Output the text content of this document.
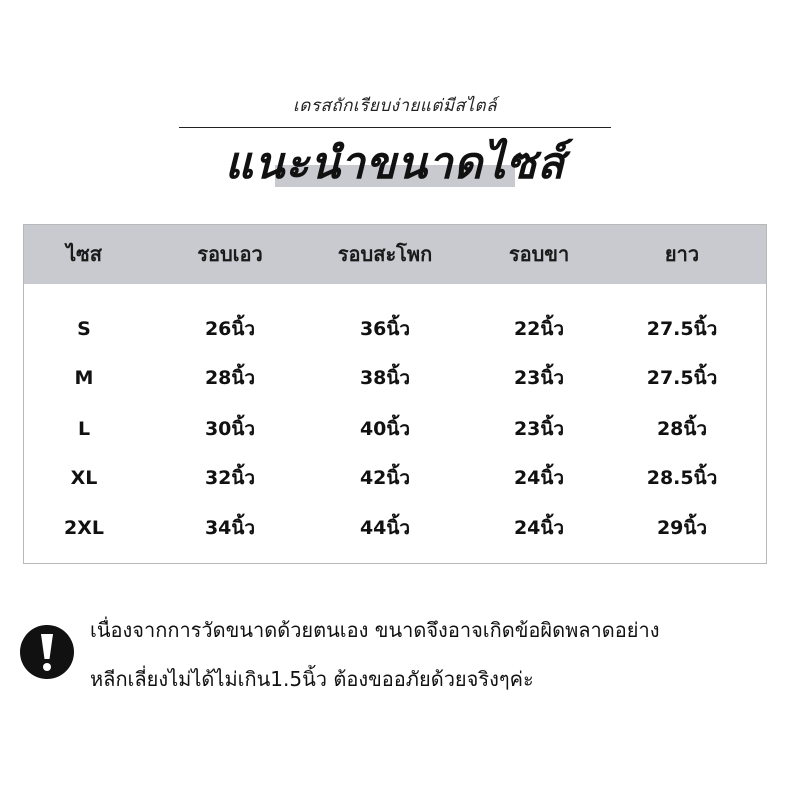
เดรสถักเรียบง่ายแต่มีสไตล์
แนะนำขนาดไซส์
ไซส	รอบเอว	รอบสะโพก	รอบขา	ยาว
S	26นิ้ว	36นิ้ว	22นิ้ว	27.5นิ้ว
M	28นิ้ว	38นิ้ว	23นิ้ว	27.5นิ้ว
L	30นิ้ว	40นิ้ว	23นิ้ว	28นิ้ว
XL	32นิ้ว	42นิ้ว	24นิ้ว	28.5นิ้ว
2XL	34นิ้ว	44นิ้ว	24นิ้ว	29นิ้ว
เนื่องจากการวัดขนาดด้วยตนเอง ขนาดจึงอาจเกิดข้อผิดพลาดอย่าง
หลีกเลี่ยงไม่ได้ไม่เกิน1.5นิ้ว ต้องขออภัยด้วยจริงๆค่ะ
